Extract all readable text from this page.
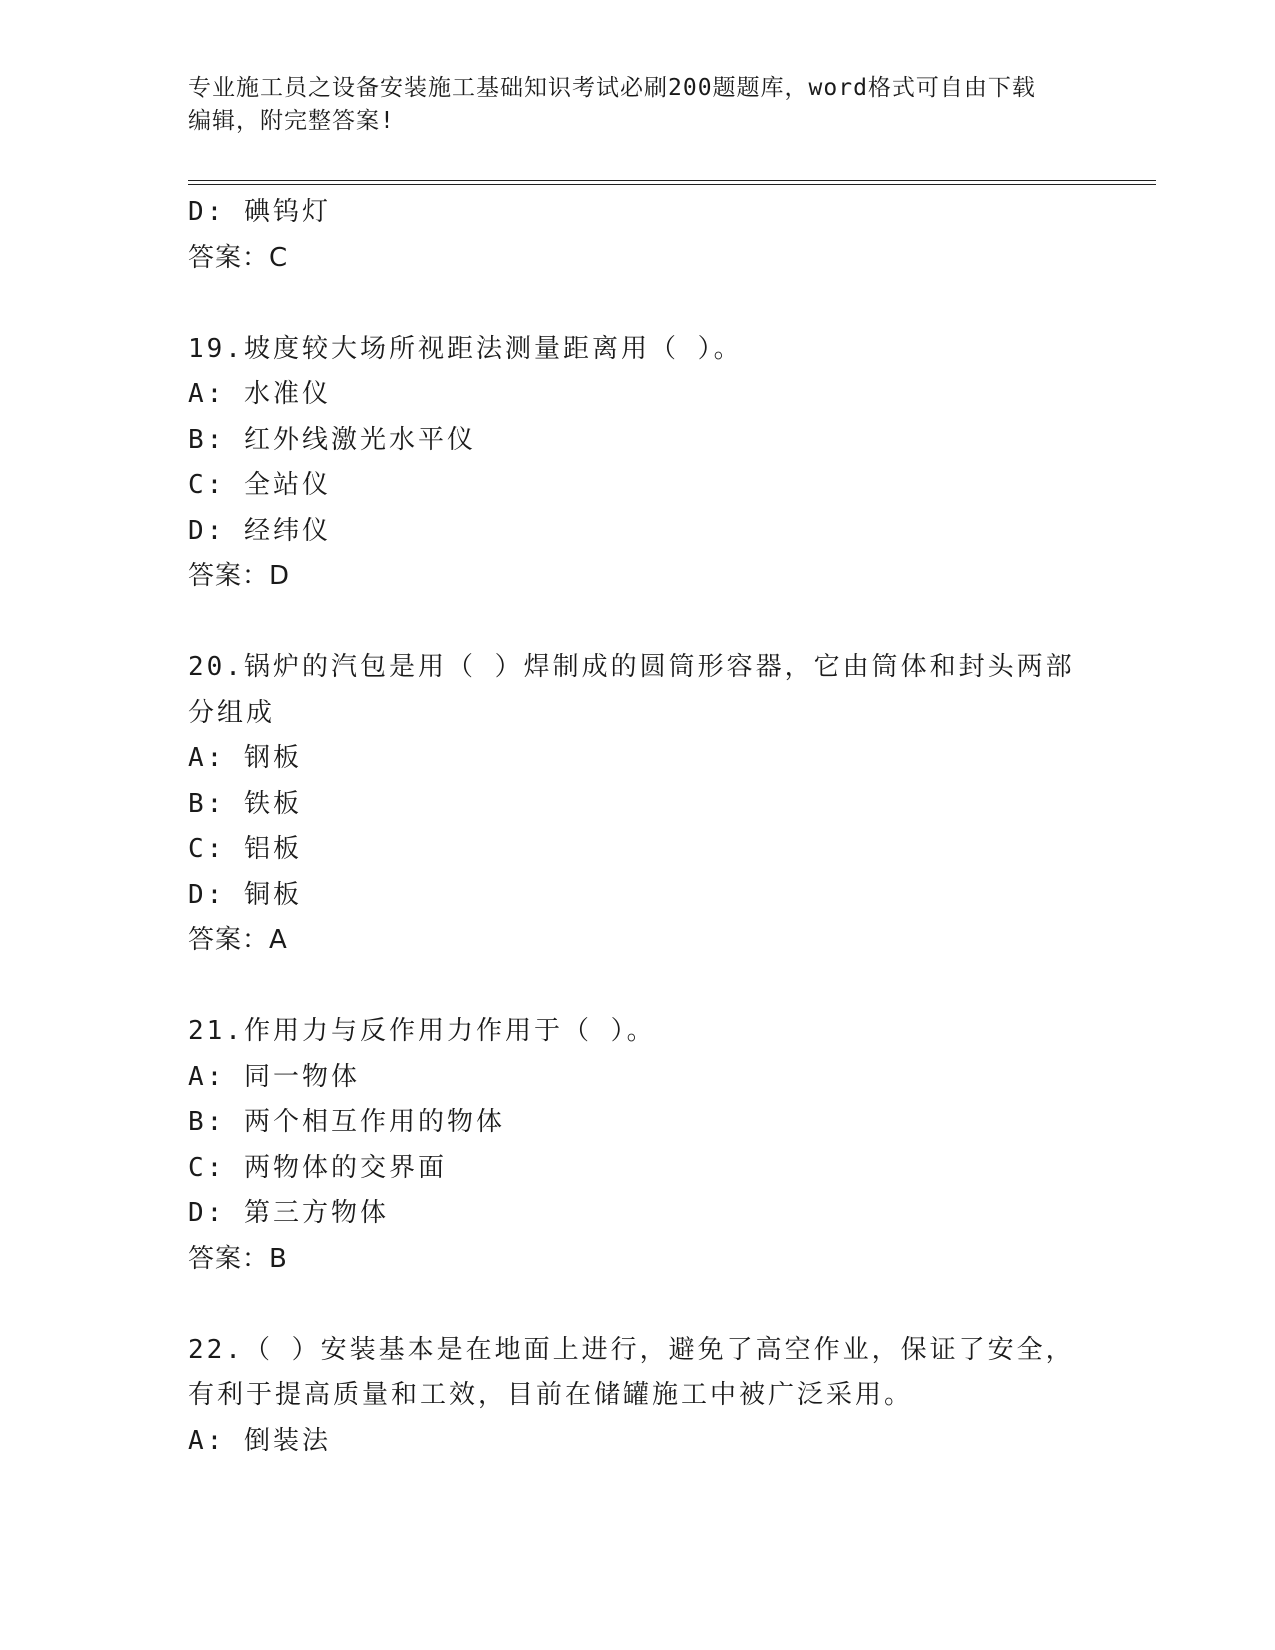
专业施工员之设备安装施工基础知识考试必刷200题题库，word格式可自由下载
编辑，附完整答案!
D: 碘钨灯
答案：C
19.坡度较大场所视距法测量距离用（ ）。
A: 水准仪
B: 红外线激光水平仪
C: 全站仪
D: 经纬仪
答案：D
20.锅炉的汽包是用（ ）焊制成的圆筒形容器，它由筒体和封头两部
分组成
A: 钢板
B: 铁板
C: 铝板
D: 铜板
答案：A
21.作用力与反作用力作用于（ ）。
A: 同一物体
B: 两个相互作用的物体
C: 两物体的交界面
D: 第三方物体
答案：B
22.（ ）安装基本是在地面上进行，避免了高空作业，保证了安全，
有利于提高质量和工效，目前在储罐施工中被广泛采用。
A: 倒装法
